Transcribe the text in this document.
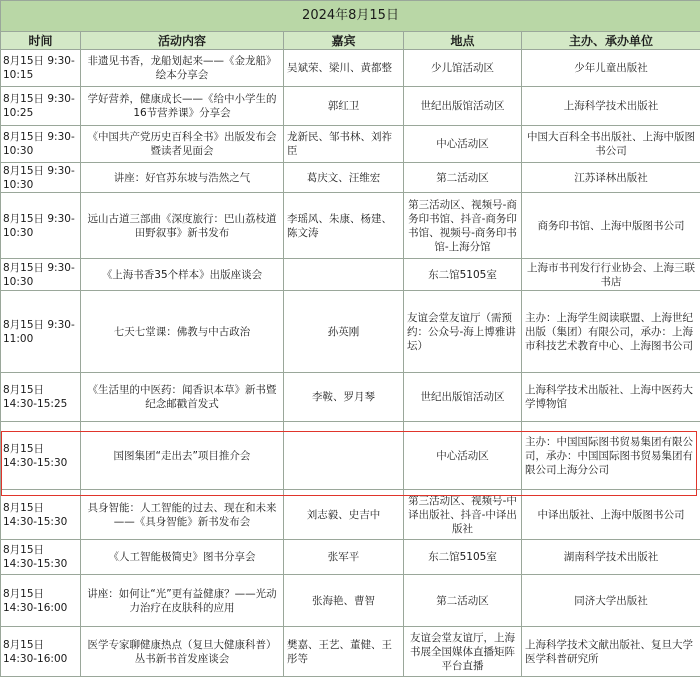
2024年8月15日				
时间	活动内容	嘉宾	地点	主办、承办单位
8月15日 9:30-10:15	非遗见书香，龙船划起来——《金龙船》绘本分享会	吴斌荣、梁川、黄都整	少儿馆活动区	少年儿童出版社
8月15日 9:30-10:25	学好营养，健康成长——《给中小学生的16节营养课》分享会	郭红卫	世纪出版馆活动区	上海科学技术出版社
8月15日 9:30-10:30	《中国共产党历史百科全书》出版发布会暨读者见面会	龙新民、邹书林、刘祚臣	中心活动区	中国大百科全书出版社、上海中版图书公司
8月15日 9:30-10:30	讲座：好官苏东坡与浩然之气	葛庆文、汪维宏	第二活动区	江苏译林出版社
8月15日 9:30-10:30	远山古道三部曲《深度旅行：巴山荔枝道田野叙事》新书发布	李瑶风、朱康、杨建、陈文涛	第三活动区、视频号-商务印书馆、抖音-商务印书馆、视频号-商务印书馆-上海分馆	商务印书馆、上海中版图书公司
8月15日 9:30-10:30	《上海书香35个样本》出版座谈会		东二馆5105室	上海市书刊发行行业协会、上海三联书店
8月15日 9:30-11:00	七天七堂课：佛教与中古政治	孙英刚	友谊会堂友谊厅（需预约：公众号-海上博雅讲坛）	主办：上海学生阅读联盟、上海世纪出版（集团）有限公司，承办：上海市科技艺术教育中心、上海图书公司
8月15日 14:30-15:25	《生活里的中医药：闻香识本草》新书暨纪念邮戳首发式	李鞍、罗月琴	世纪出版馆活动区	上海科学技术出版社、上海中医药大学博物馆
8月15日 14:30-15:30	国图集团“走出去”项目推介会		中心活动区	主办：中国国际图书贸易集团有限公司，承办：中国国际图书贸易集团有限公司上海分公司
8月15日 14:30-15:30	具身智能：人工智能的过去、现在和未来——《具身智能》新书发布会	刘志毅、史吉中	第三活动区、视频号-中译出版社、抖音-中译出版社	中译出版社、上海中版图书公司
8月15日 14:30-15:30	《人工智能极简史》图书分享会	张军平	东二馆5105室	湖南科学技术出版社
8月15日 14:30-16:00	讲座：如何让“光”更有益健康？——光动力治疗在皮肤科的应用	张海艳、曹智	第二活动区	同济大学出版社
8月15日 14:30-16:00	医学专家聊健康热点（复旦大健康科普）丛书新书首发座谈会	樊嘉、王艺、董健、王彤等	友谊会堂友谊厅，上海书展全国媒体直播矩阵平台直播	上海科学技术文献出版社、复旦大学医学科普研究所
